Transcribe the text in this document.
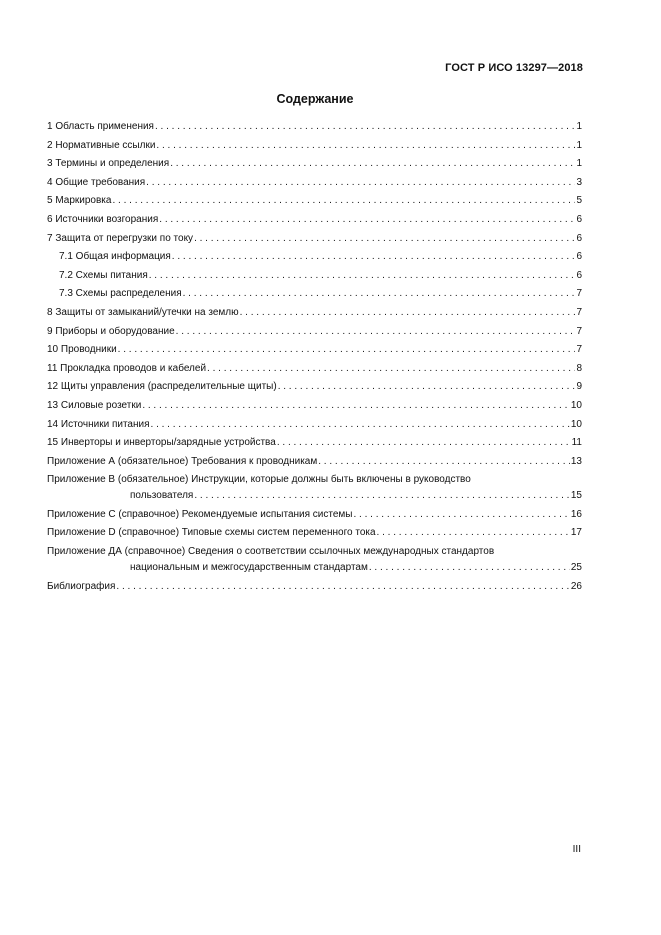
ГОСТ Р ИСО 13297—2018
Содержание
1 Область применения . . .	1
2 Нормативные ссылки . . .	1
3 Термины и определения . . .	1
4 Общие требования . . .	3
5 Маркировка . . .	5
6 Источники возгорания . . .	6
7 Защита от перегрузки по току . . .	6
7.1 Общая информация . . .	6
7.2 Схемы питания . . .	6
7.3 Схемы распределения . . .	7
8 Защиты от замыканий/утечки на землю . . .	7
9 Приборы и оборудование . . .	7
10 Проводники . . .	7
11 Прокладка проводов и кабелей . . .	8
12 Щиты управления (распределительные щиты) . . .	9
13 Силовые розетки . . .	10
14 Источники питания . . .	10
15 Инверторы и инверторы/зарядные устройства . . .	11
Приложение А (обязательное) Требования к проводникам . . .	13
Приложение В (обязательное) Инструкции, которые должны быть включены в руководство
пользователя . . .	15
Приложение С (справочное) Рекомендуемые испытания системы . . .	16
Приложение D (справочное) Типовые схемы систем переменного тока . . .	17
Приложение ДА (справочное) Сведения о соответствии ссылочных международных стандартов
национальным и межгосударственным стандартам . . .	25
Библиография . . .	26
III
